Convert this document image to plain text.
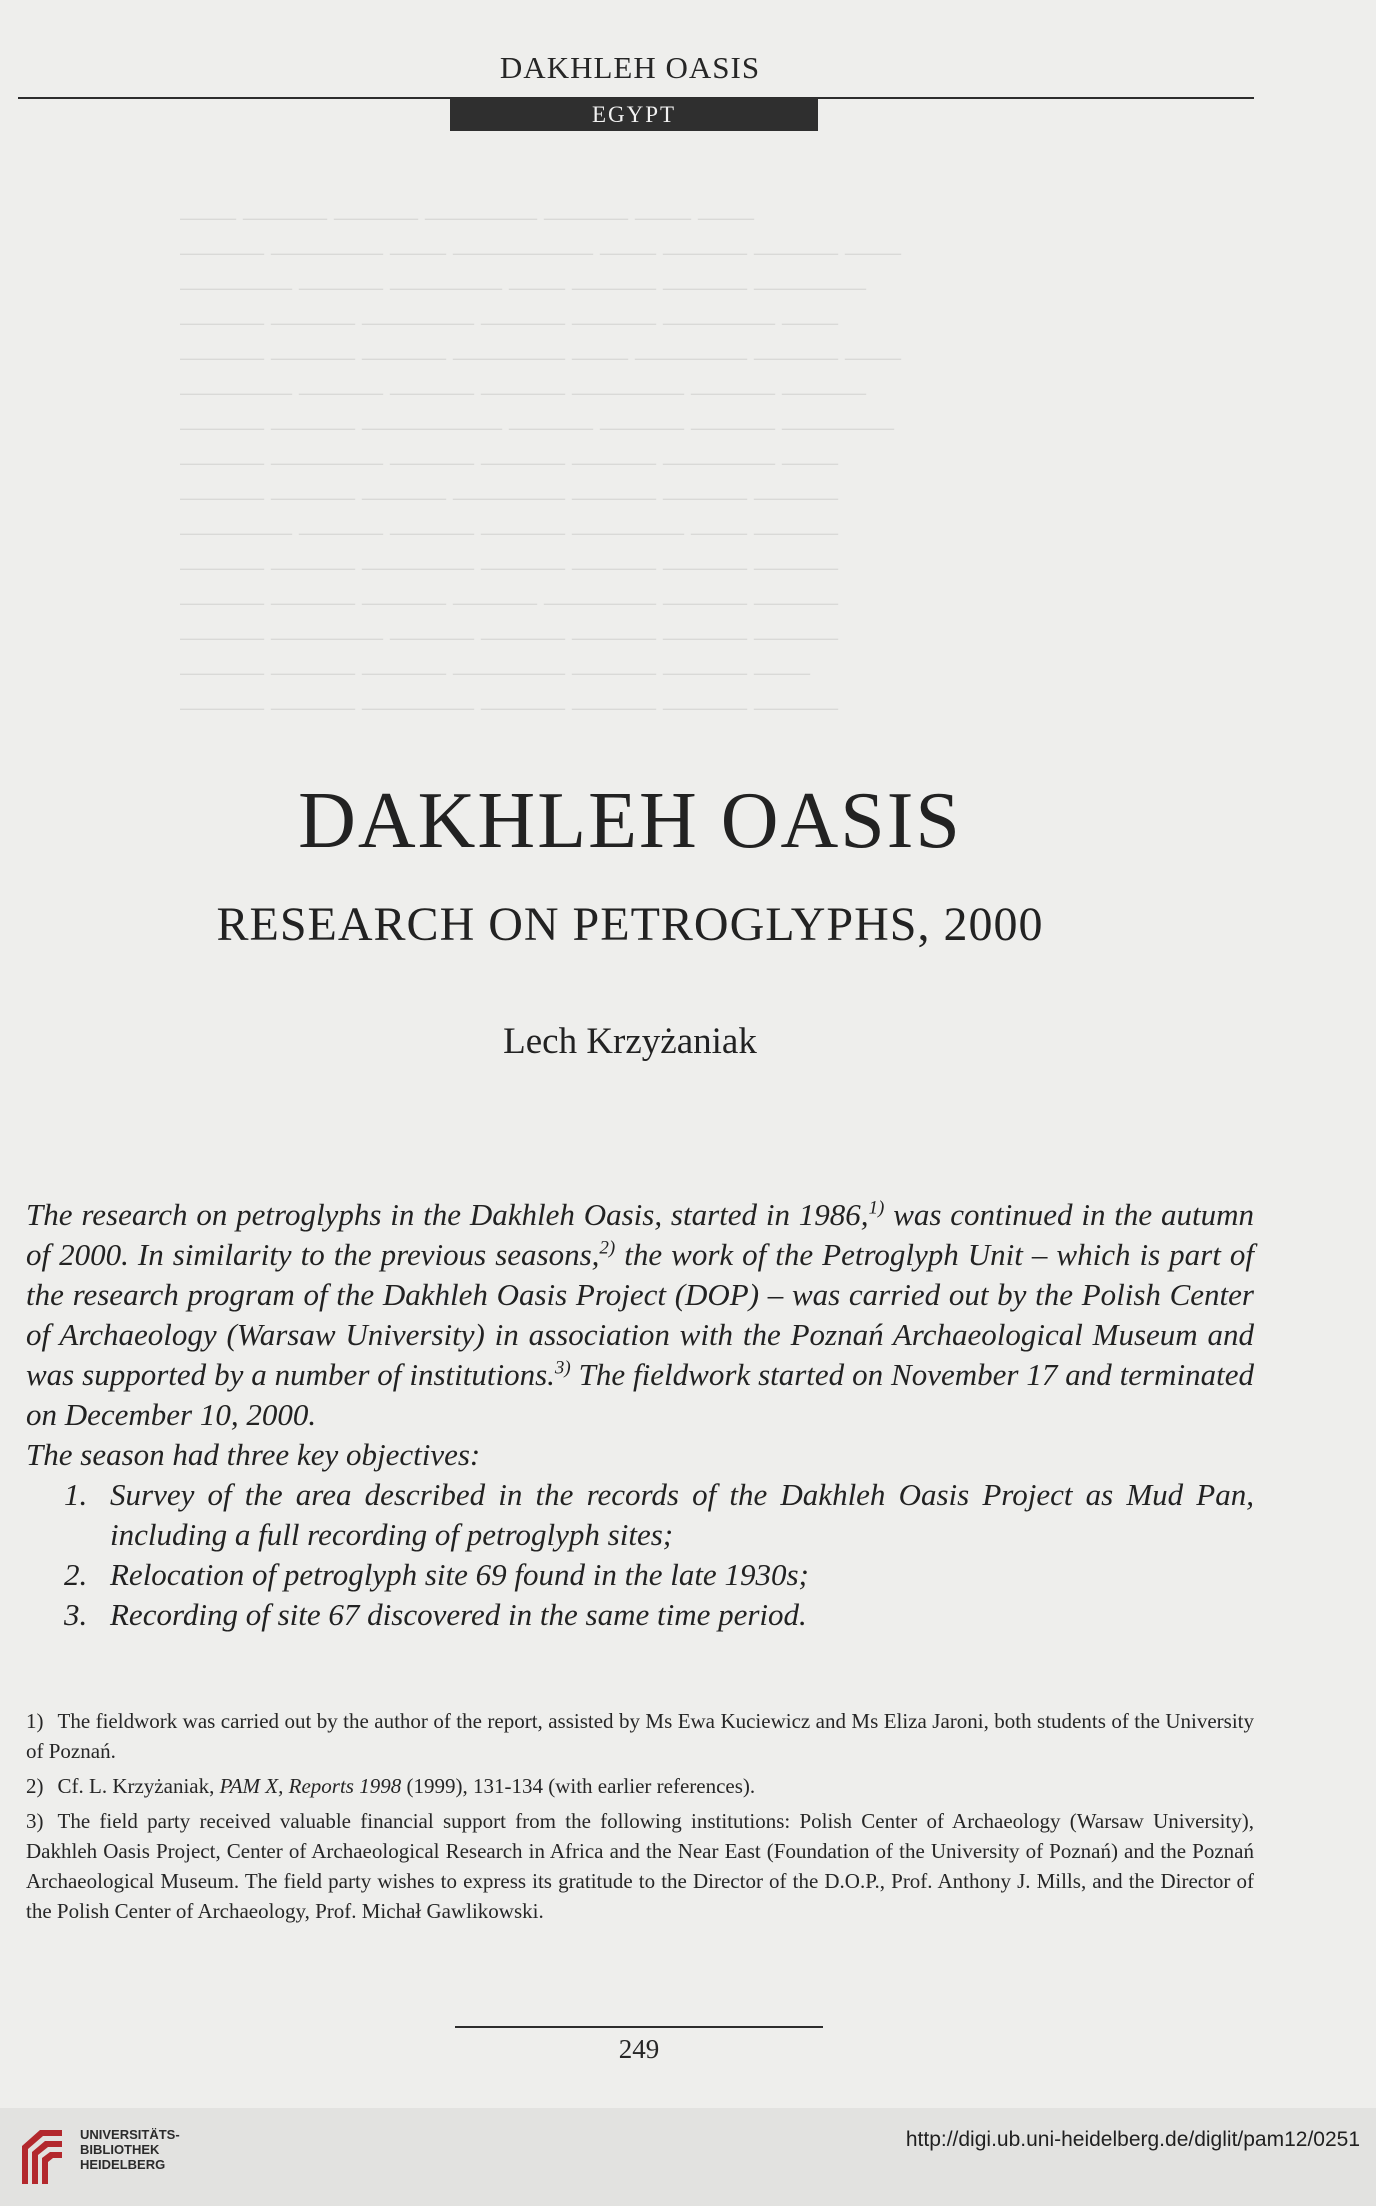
—— ——— ——— ———— ——— —— ——
——— ———— —— ————— —— ——— ——— ——
———— ——— ———— —— ——— ——— ————
——— ——— ———— ——— ——— ———— ——
——— ——— ——— ———— —— ———— ——— ——
———— ——— ——— ——— ———— ——— ———
——— ——— ————— ——— ——— ——— ————
——— ———— ——— ——— ——— ———— ——
——— ——— ——— ———— ——— ——— ———
———— ——— ——— ——— ———— —— ———
——— ——— ———— ——— ——— ——— ———
——— ——— ——— ——— ———— ——— ———
——— ———— ——— ——— ——— ——— ———
——— ——— ——— ———— ——— ——— ——
——— ——— ———— ——— ——— ——— ———
DAKHLEH OASIS
EGYPT
DAKHLEH OASIS
RESEARCH ON PETROGLYPHS, 2000
Lech Krzyżaniak

The research on petroglyphs in the Dakhleh Oasis, started in 1986,$^{1)}$ was continued in the autumn of 2000. In similarity to the previous seasons,$^{2)}$ the work of the Petroglyph Unit – which is part of the research program of the Dakhleh Oasis Project (DOP) – was carried out by the Polish Center of Archaeology (Warsaw University) in association with the Poznań Archaeological Museum and was supported by a number of institutions.$^{3)}$ The fieldwork started on November 17 and terminated on December 10, 2000.

The season had three key objectives:

1. Survey of the area described in the records of the Dakhleh Oasis Project as Mud Pan, including a full recording of petroglyph sites;
2. Relocation of petroglyph site 69 found in the late 1930s;
3. Recording of site 67 discovered in the same time period.

1) The fieldwork was carried out by the author of the report, assisted by Ms Ewa Kuciewicz and Ms Eliza Jaroni, both students of the University of Poznań.

2) Cf. L. Krzyżaniak, PAM X, Reports 1998 (1999), 131-134 (with earlier references).

3) The field party received valuable financial support from the following institutions: Polish Center of Archaeology (Warsaw University), Dakhleh Oasis Project, Center of Archaeological Research in Africa and the Near East (Foundation of the University of Poznań) and the Poznań Archaeological Museum. The field party wishes to express its gratitude to the Director of the D.O.P., Prof. Anthony J. Mills, and the Director of the Polish Center of Archaeology, Prof. Michał Gawlikowski.

249
UNIVERSITÄTS-
BIBLIOTHEK
HEIDELBERG
http://digi.ub.uni-heidelberg.de/diglit/pam12/0251
